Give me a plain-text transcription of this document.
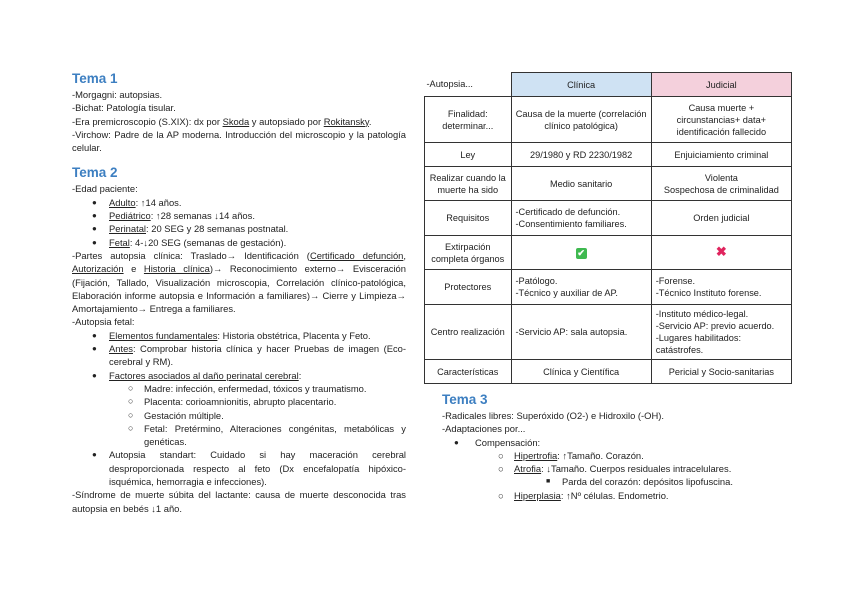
Tema 1

-Morgagni: autopsias.

-Bichat: Patología tisular.

-Era premicroscopio (S.XIX): dx por Skoda y autopsiado por Rokitansky.

-Virchow: Padre de la AP moderna. Introducción del microscopio y la patología celular.

Tema 2

-Edad paciente:

● Adulto: ↑14 años.
● Pediátrico: ↑28 semanas ↓14 años.
● Perinatal: 20 SEG y 28 semanas postnatal.
● Fetal: 4-↓20 SEG (semanas de gestación).

-Partes autopsia clínica: Traslado→ Identificación (Certificado defunción, Autorización e Historia clínica)→ Reconocimiento externo→ Evisceración (Fijación, Tallado, Visualización microscopia, Correlación clínico-patológica, Elaboración informe autopsia e Información a familiares)→ Cierre y Limpieza→ Amortajamiento→ Entrega a familiares.

-Autopsia fetal:

● Elementos fundamentales: Historia obstétrica, Placenta y Feto.
● Antes: Comprobar historia clínica y hacer Pruebas de imagen (Eco-cerebral y RM).
● Factores asociados al daño perinatal cerebral:
○ Madre: infección, enfermedad, tóxicos y traumatismo.
○ Placenta: corioamnionitis, abrupto placentario.
○ Gestación múltiple.
○ Fetal: Pretérmino, Alteraciones congénitas, metabólicas y genéticas.
● Autopsia standart: Cuidado si hay maceración cerebral desproporcionada respecto al feto (Dx encefalopatía hipóxico-isquémica, hemorragia e infecciones).

-Síndrome de muerte súbita del lactante: causa de muerte desconocida tras autopsia en bebés ↓1 año.

-Autopsia...	Clínica	Judicial
Finalidad: determinar...	Causa de la muerte (correlación clínico patológica)	Causa muerte + circunstancias+ data+ identificación fallecido
Ley	29/1980 y RD 2230/1982	Enjuiciamiento criminal
Realizar cuando la muerte ha sido	Medio sanitario	Violenta
Sospechosa de criminalidad
Requisitos	-Certificado de defunción.
-Consentimiento familiares.	Orden judicial
Extirpación completa órganos	✔	✖
Protectores	-Patólogo.
-Técnico y auxiliar de AP.	-Forense.
-Técnico Instituto forense.
Centro realización	-Servicio AP: sala autopsia.	-Instituto médico-legal.
-Servicio AP: previo acuerdo.
-Lugares habilitados: catástrofes.
Características	Clínica y Científica	Pericial y Socio-sanitarias
Tema 3

-Radicales libres: Superóxido (O2-) e Hidroxilo (-OH).

-Adaptaciones por...

● Compensación:
○ Hipertrofia: ↑Tamaño. Corazón.
○ Atrofia: ↓Tamaño. Cuerpos residuales intracelulares.
■ Parda del corazón: depósitos lipofuscina.
○ Hiperplasia: ↑Nº células. Endometrio.
